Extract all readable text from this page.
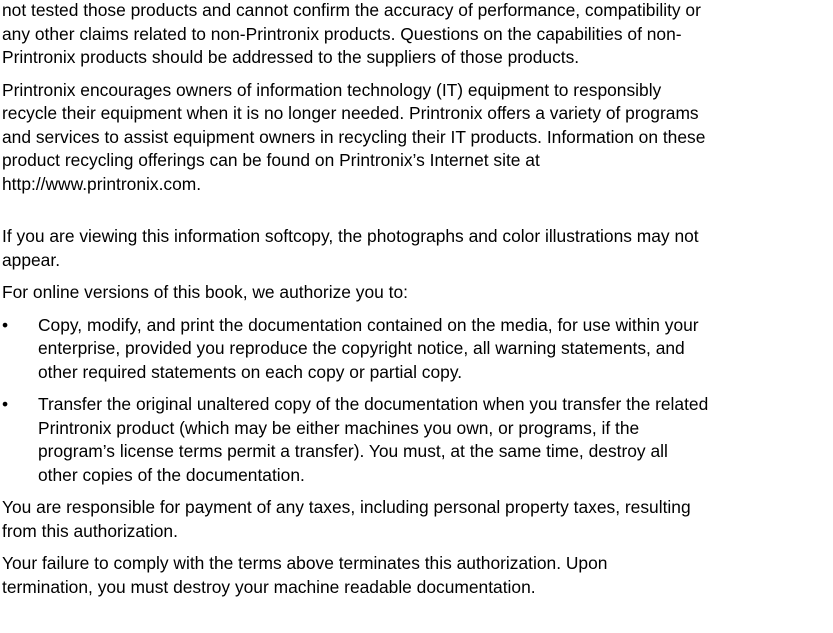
not tested those products and cannot confirm the accuracy of performance, compatibility or
any other claims related to non-Printronix products. Questions on the capabilities of non-
Printronix products should be addressed to the suppliers of those products.

Printronix encourages owners of information technology (IT) equipment to responsibly
recycle their equipment when it is no longer needed. Printronix offers a variety of programs
and services to assist equipment owners in recycling their IT products. Information on these
product recycling offerings can be found on Printronix’s Internet site at
http://www.printronix.com.

If you are viewing this information softcopy, the photographs and color illustrations may not
appear.

For online versions of this book, we authorize you to:

•	Copy, modify, and print the documentation contained on the media, for use within your
enterprise, provided you reproduce the copyright notice, all warning statements, and
other required statements on each copy or partial copy.
•	Transfer the original unaltered copy of the documentation when you transfer the related
Printronix product (which may be either machines you own, or programs, if the
program’s license terms permit a transfer). You must, at the same time, destroy all
other copies of the documentation.

You are responsible for payment of any taxes, including personal property taxes, resulting
from this authorization.

Your failure to comply with the terms above terminates this authorization. Upon
termination, you must destroy your machine readable documentation.
